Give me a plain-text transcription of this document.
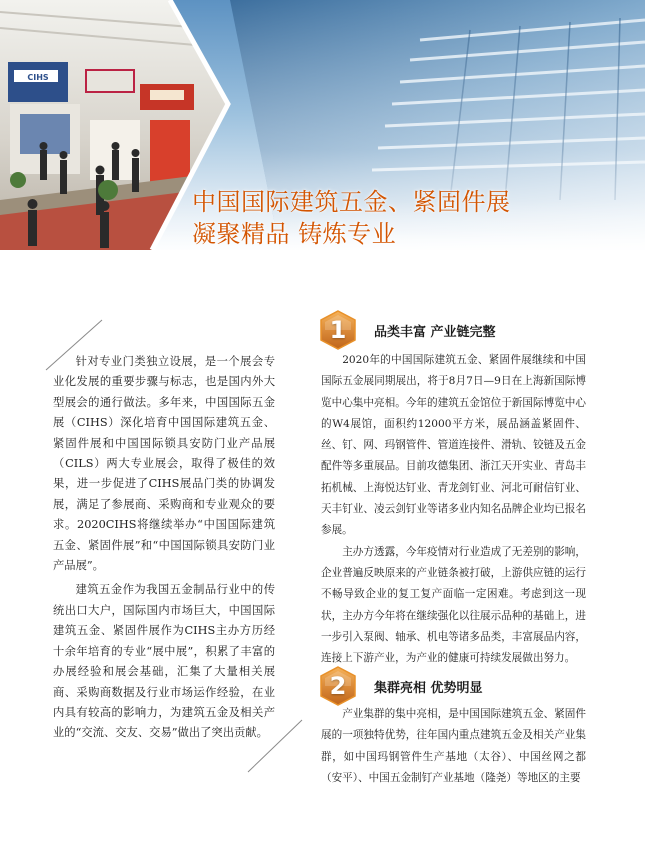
CIHS
中国国际建筑五金、紧固件展
凝聚精品 铸炼专业

针对专业门类独立设展，是一个展会专业化发展的重要步骤与标志，也是国内外大型展会的通行做法。多年来，中国国际五金展（CIHS）深化培育中国国际建筑五金、紧固件展和中国国际锁具安防门业产品展（CILS）两大专业展会，取得了极佳的效果，进一步促进了CIHS展品门类的协调发展，满足了参展商、采购商和专业观众的要求。2020CIHS将继续举办“中国国际建筑五金、紧固件展”和“中国国际锁具安防门业产品展”。

建筑五金作为我国五金制品行业中的传统出口大户，国际国内市场巨大，中国国际建筑五金、紧固件展作为CIHS主办方历经十余年培育的专业“展中展”，积累了丰富的办展经验和展会基础，汇集了大量相关展商、采购商数据及行业市场运作经验，在业内具有较高的影响力，为建筑五金及相关产业的“交流、交友、交易”做出了突出贡献。

1	品类丰富 产业链完整

2020年的中国国际建筑五金、紧固件展继续和中国国际五金展同期展出，将于8月7日—9日在上海新国际博览中心集中亮相。今年的建筑五金馆位于新国际博览中心的W4展馆，面积约12000平方米，展品涵盖紧固件、丝、钉、网、玛钢管件、管道连接件、滑轨、铰链及五金配件等多重展品。目前攻德集团、浙江天开实业、青岛丰拓机械、上海悦达钉业、青龙剑钉业、河北可耐信钉业、天丰钉业、凌云剑钉业等诸多业内知名品牌企业均已报名参展。

主办方透露，今年疫情对行业造成了无差别的影响，企业普遍反映原来的产业链条被打破，上游供应链的运行不畅导致企业的复工复产面临一定困难。考虑到这一现状，主办方今年将在继续强化以往展示品种的基础上，进一步引入泵阀、轴承、机电等诸多品类，丰富展品内容，连接上下游产业，为产业的健康可持续发展做出努力。

2	集群亮相 优势明显

产业集群的集中亮相，是中国国际建筑五金、紧固件展的一项独特优势，往年国内重点建筑五金及相关产业集群，如中国玛钢管件生产基地（太谷）、中国丝网之都（安平）、中国五金制钉产业基地（隆尧）等地区的主要
